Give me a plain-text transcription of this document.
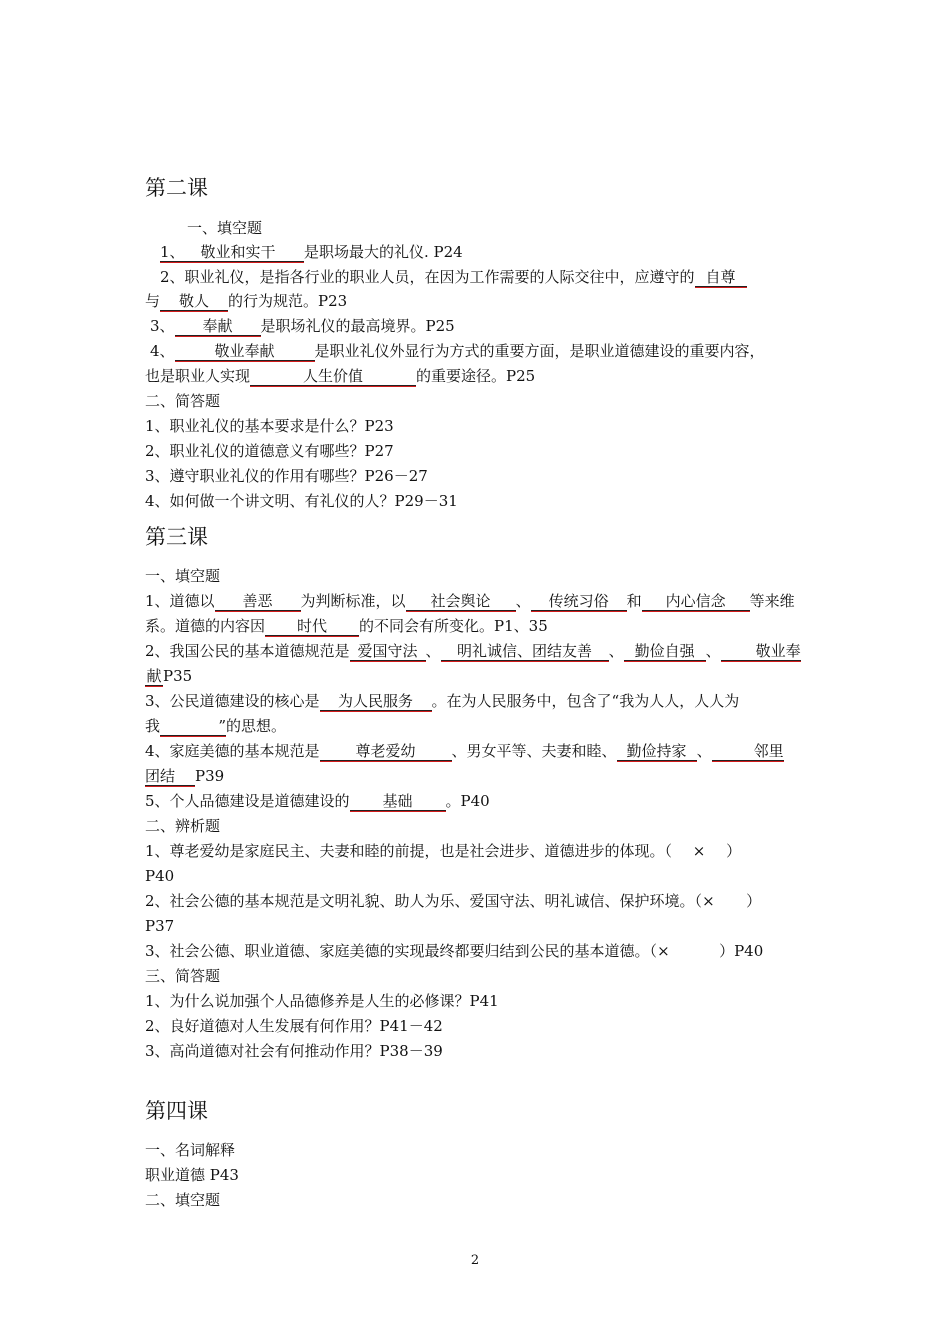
第二课
一、填空题
1、 敬业和实干 是职场最大的礼仪. P24
2、职业礼仪，是指各行业的职业人员，在因为工作需要的人际交往中，应遵守的 自尊
与 敬人 的行为规范。P23
3、 奉献 是职场礼仪的最高境界。P25
4、	敬业奉献	是职业礼仪外显行为方式的重要方面，是职业道德建设的重要内容，
也是职业人实现	人生价值	的重要途径。P25
二、简答题
1、职业礼仪的基本要求是什么？P23
2、职业礼仪的道德意义有哪些？P27
3、遵守职业礼仪的作用有哪些？P26－27
4、如何做一个讲文明、有礼仪的人？P29－31
第三课
一、填空题
1、道德以 善恶 为判断标准，以 社会舆论 、 传统习俗 和 内心信念 等来维
系。道德的内容因 时代 的不同会有所变化。P1、35
2、我国公民的基本道德规范是 爱国守法 、 明礼诚信、团结友善 、 勤俭自强 、 敬业奉
献 P35
3、公民道德建设的核心是 为人民服务 。在为人民服务中，包含了“我为人人，人人为
我	”的思想。
4、家庭美德的基本规范是 尊老爱幼 、男女平等、夫妻和睦、 勤俭持家 、	邻里
团结 P39
5、个人品德建设是道德建设的 基础 。P40
二、辨析题
1、尊老爱幼是家庭民主、夫妻和睦的前提，也是社会进步、道德进步的体现。（ × ）
P40
2、社会公德的基本规范是文明礼貌、助人为乐、爱国守法、明礼诚信、保护环境。（× ）
P37
3、社会公德、职业道德、家庭美德的实现最终都要归结到公民的基本道德。（×	）P40
三、简答题
1、为什么说加强个人品德修养是人生的必修课？P41
2、良好道德对人生发展有何作用？P41－42
3、高尚道德对社会有何推动作用？P38－39
第四课
一、名词解释
职业道德 P43
二、填空题
2
